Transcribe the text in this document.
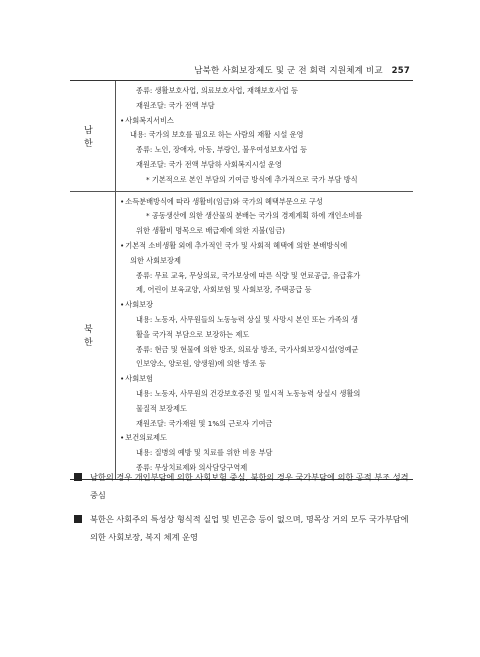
남북한 사회보장제도 및 군 전 회력 지원체계 비교 257
남 한
종류: 생활보호사업, 의료보호사업, 재해보호사업 등
재원조달: 국가 전액 부담
• 사회복지서비스
내용: 국가의 보호를 필요로 하는 사람의 재활 시설 운영
종류: 노인, 장애자, 아동, 부랑인, 불우여성보호사업 등
재원조달: 국가 전액 부담하 사회복지시설 운영
* 기본적으로 본인 부담의 기여금 방식에 추가적으로 국가 부담 방식
북 한
• 소득분배방식에 따라 생활비(임금)와 국가의 혜택부문으로 구성
* 공동생산에 의한 생산물의 분배는 국가의 경제계획 하에 개인소비를
위한 생활비 명목으로 배급제에 의한 지불(임금)
• 기본적 소비생활 외에 추가적인 국가 및 사회적 혜택에 의한 분배방식에
의한 사회보장제
종류: 무료 교육, 무상의료, 국가보상에 따른 식량 및 연료공급, 유급휴가
제, 어린이 보육교양, 사회보험 및 사회보장, 주택공급 등
• 사회보장
내용: 노동자, 사무원들의 노동능력 상실 및 사망시 본인 또는 가족의 생
활을 국가적 부담으로 보장하는 제도
종류: 현금 및 현물에 의한 방조, 의료상 방조, 국가사회보장시설(영예군
인보양소, 양로원, 양생원)에 의한 방조 등
• 사회보험
내용: 노동자, 사무원의 건강보호증진 및 일시적 노동능력 상실시 생활의
물질적 보장제도
재원조달: 국가재원 및 1%의 근로자 기여금
• 보건의료제도
내용: 질병의 예방 및 치료를 위한 비용 부담
종류: 무상치료제와 의사담당구역제
남한의 경우 개인부담에 의한 사회보험 중심, 북한의 경우 국가부담에 의한 공적 부조 성격 중심
북한은 사회주의 특성상 형식적 실업 및 빈곤층 등이 없으며, 명목상 거의 모두 국가부담에 의한 사회보장, 복지 체계 운영
